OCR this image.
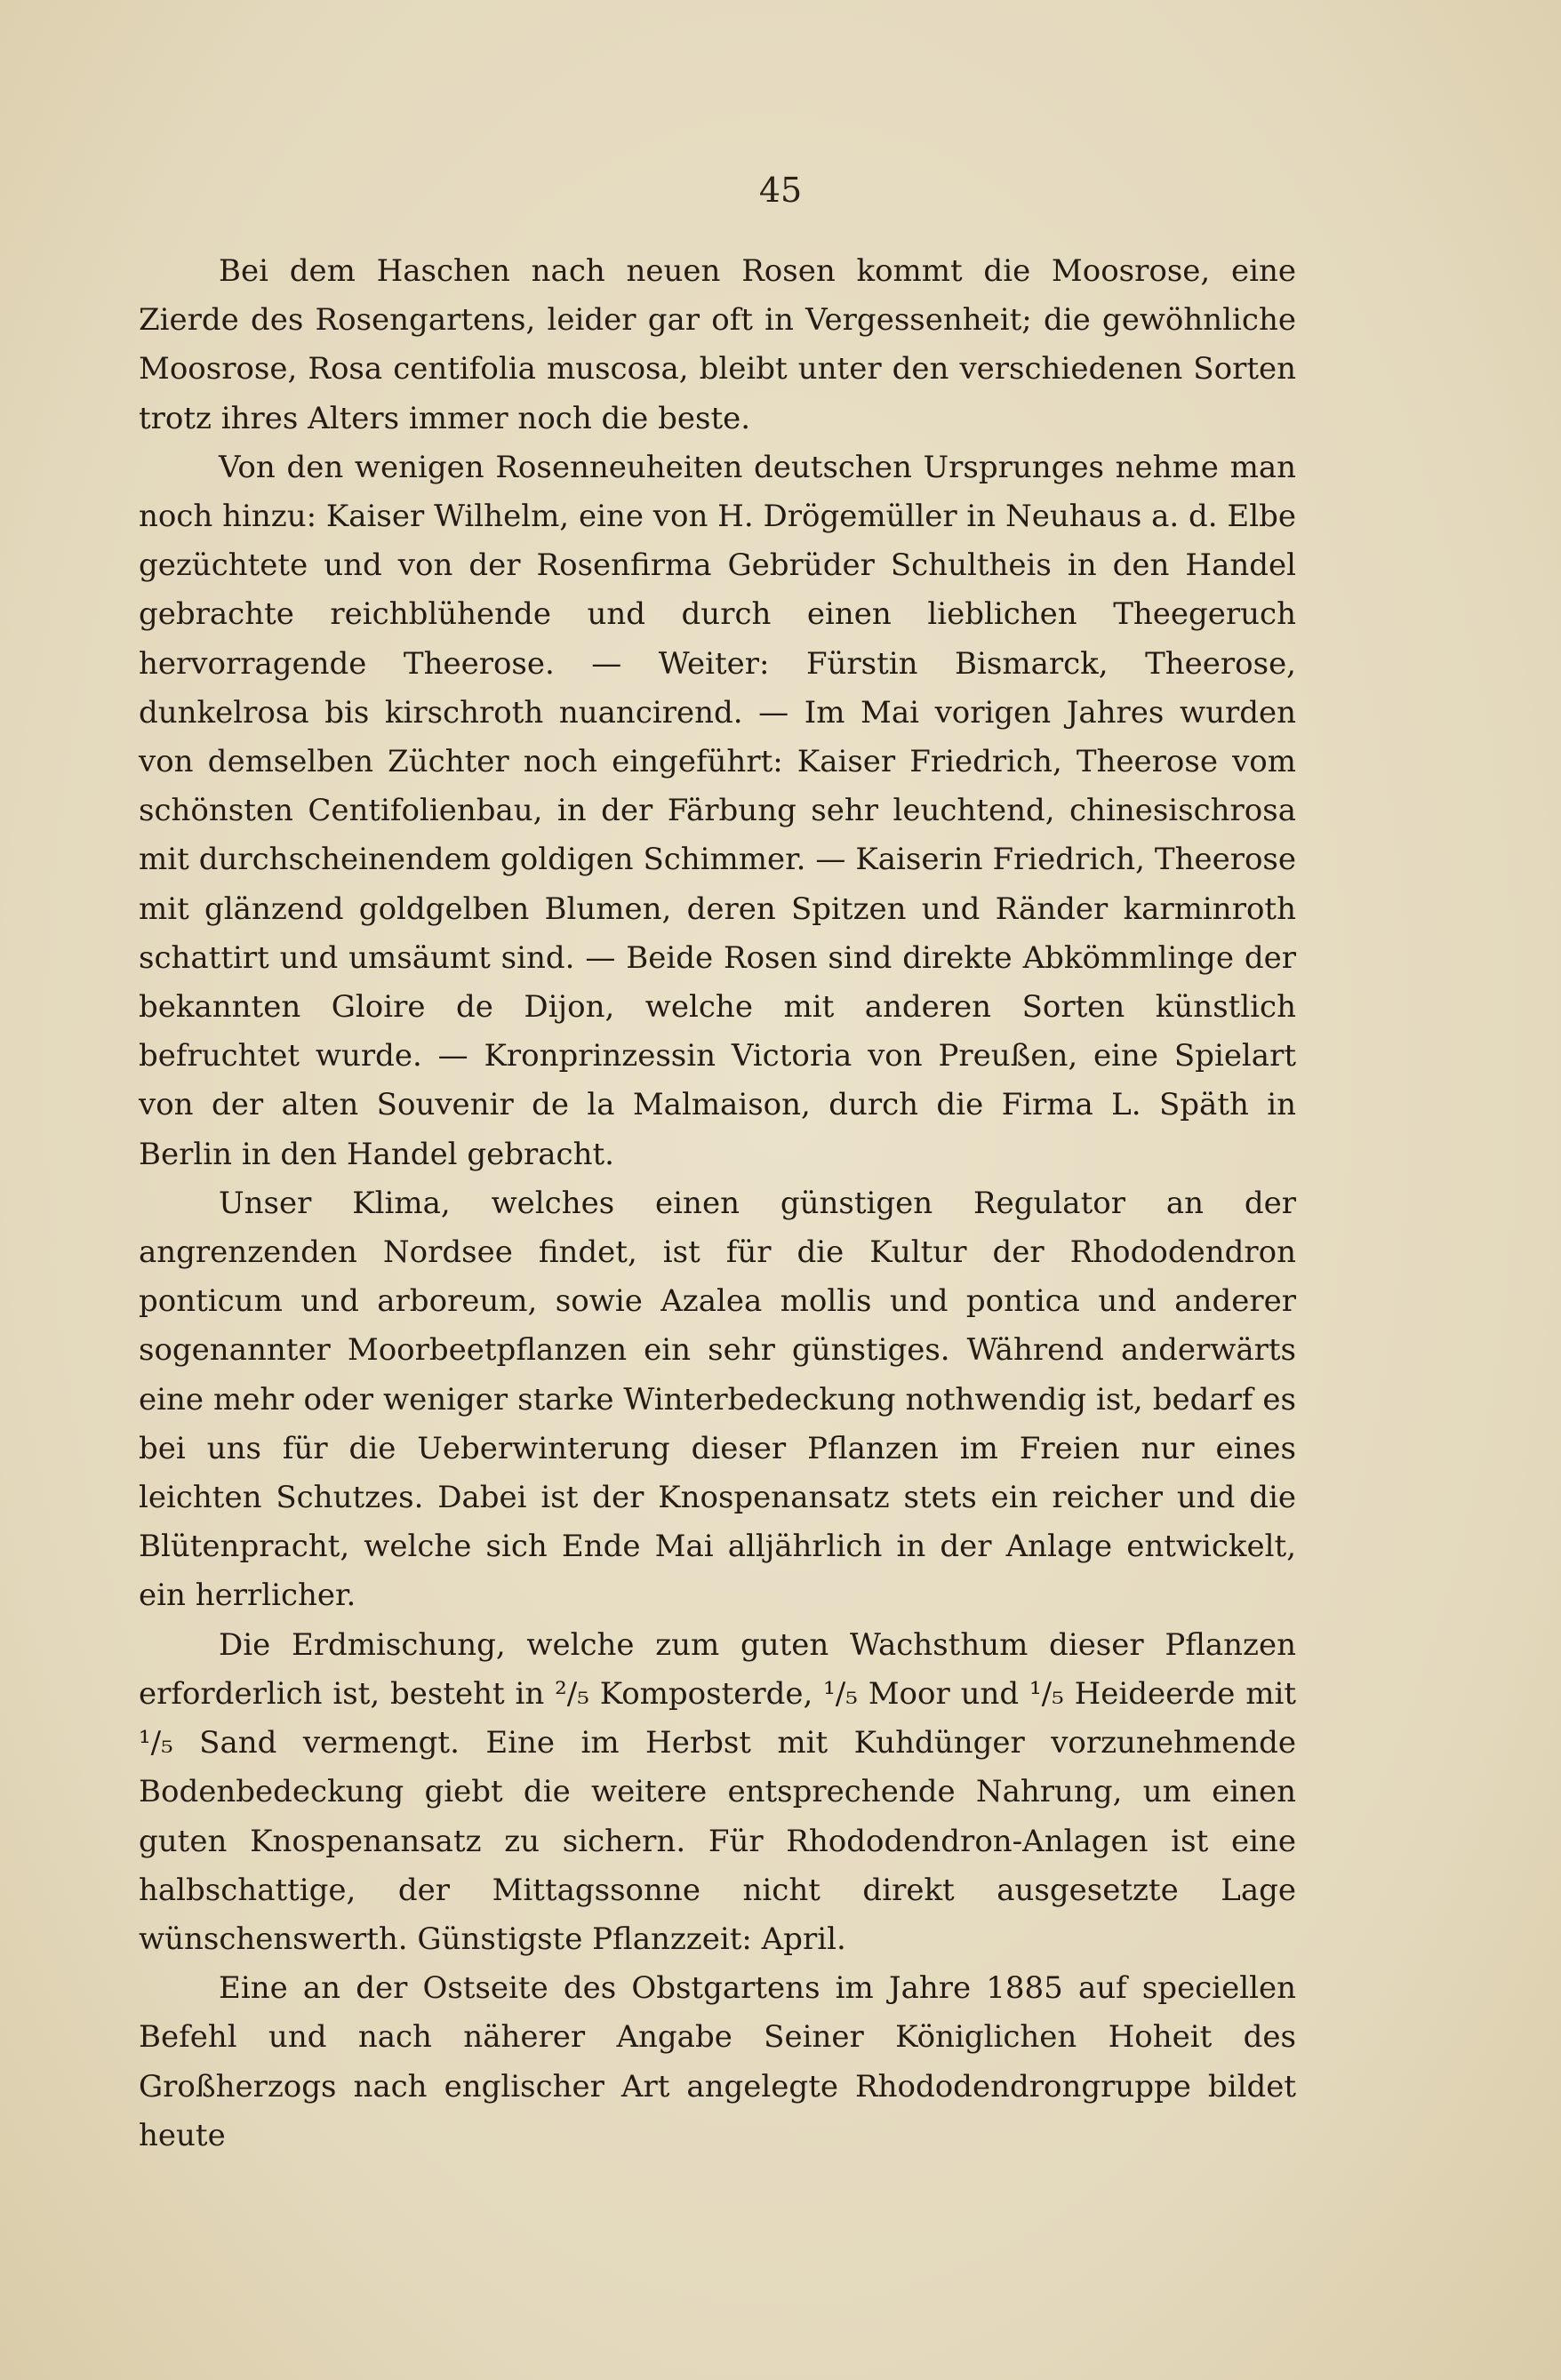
45

Bei dem Haschen nach neuen Rosen kommt die Moosrose, eine Zierde des Rosengartens, leider gar oft in Vergessenheit; die gewöhnliche Moosrose, Rosa centifolia muscosa, bleibt unter den verschiedenen Sorten trotz ihres Alters immer noch die beste.

Von den wenigen Rosenneuheiten deutschen Ursprunges nehme man noch hinzu: Kaiser Wilhelm, eine von H. Drögemüller in Neuhaus a. d. Elbe gezüchtete und von der Rosenfirma Gebrüder Schultheis in den Handel gebrachte reichblühende und durch einen lieblichen Theegeruch hervorragende Theerose. — Weiter: Fürstin Bismarck, Theerose, dunkelrosa bis kirschroth nuancirend. — Im Mai vorigen Jahres wurden von demselben Züchter noch eingeführt: Kaiser Friedrich, Theerose vom schönsten Centifolienbau, in der Färbung sehr leuchtend, chinesischrosa mit durchscheinendem goldigen Schimmer. — Kaiserin Friedrich, Theerose mit glänzend goldgelben Blumen, deren Spitzen und Ränder karminroth schattirt und umsäumt sind. — Beide Rosen sind direkte Abkömmlinge der bekannten Gloire de Dijon, welche mit anderen Sorten künstlich befruchtet wurde. — Kronprinzessin Victoria von Preußen, eine Spielart von der alten Souvenir de la Malmaison, durch die Firma L. Späth in Berlin in den Handel gebracht.

Unser Klima, welches einen günstigen Regulator an der angrenzenden Nordsee findet, ist für die Kultur der Rhododendron ponticum und arboreum, sowie Azalea mollis und pontica und anderer sogenannter Moorbeetpflanzen ein sehr günstiges. Während anderwärts eine mehr oder weniger starke Winterbedeckung nothwendig ist, bedarf es bei uns für die Ueberwinterung dieser Pflanzen im Freien nur eines leichten Schutzes. Dabei ist der Knospenansatz stets ein reicher und die Blütenpracht, welche sich Ende Mai alljährlich in der Anlage entwickelt, ein herrlicher.

Die Erdmischung, welche zum guten Wachsthum dieser Pflanzen erforderlich ist, besteht in ²/₅ Komposterde, ¹/₅ Moor und ¹/₅ Heideerde mit ¹/₅ Sand vermengt. Eine im Herbst mit Kuhdünger vorzunehmende Bodenbedeckung giebt die weitere entsprechende Nahrung, um einen guten Knospenansatz zu sichern. Für Rhododendron-Anlagen ist eine halbschattige, der Mittagssonne nicht direkt ausgesetzte Lage wünschenswerth. Günstigste Pflanzzeit: April.

Eine an der Ostseite des Obstgartens im Jahre 1885 auf speciellen Befehl und nach näherer Angabe Seiner Königlichen Hoheit des Großherzogs nach englischer Art angelegte Rhododendrongruppe bildet heute
